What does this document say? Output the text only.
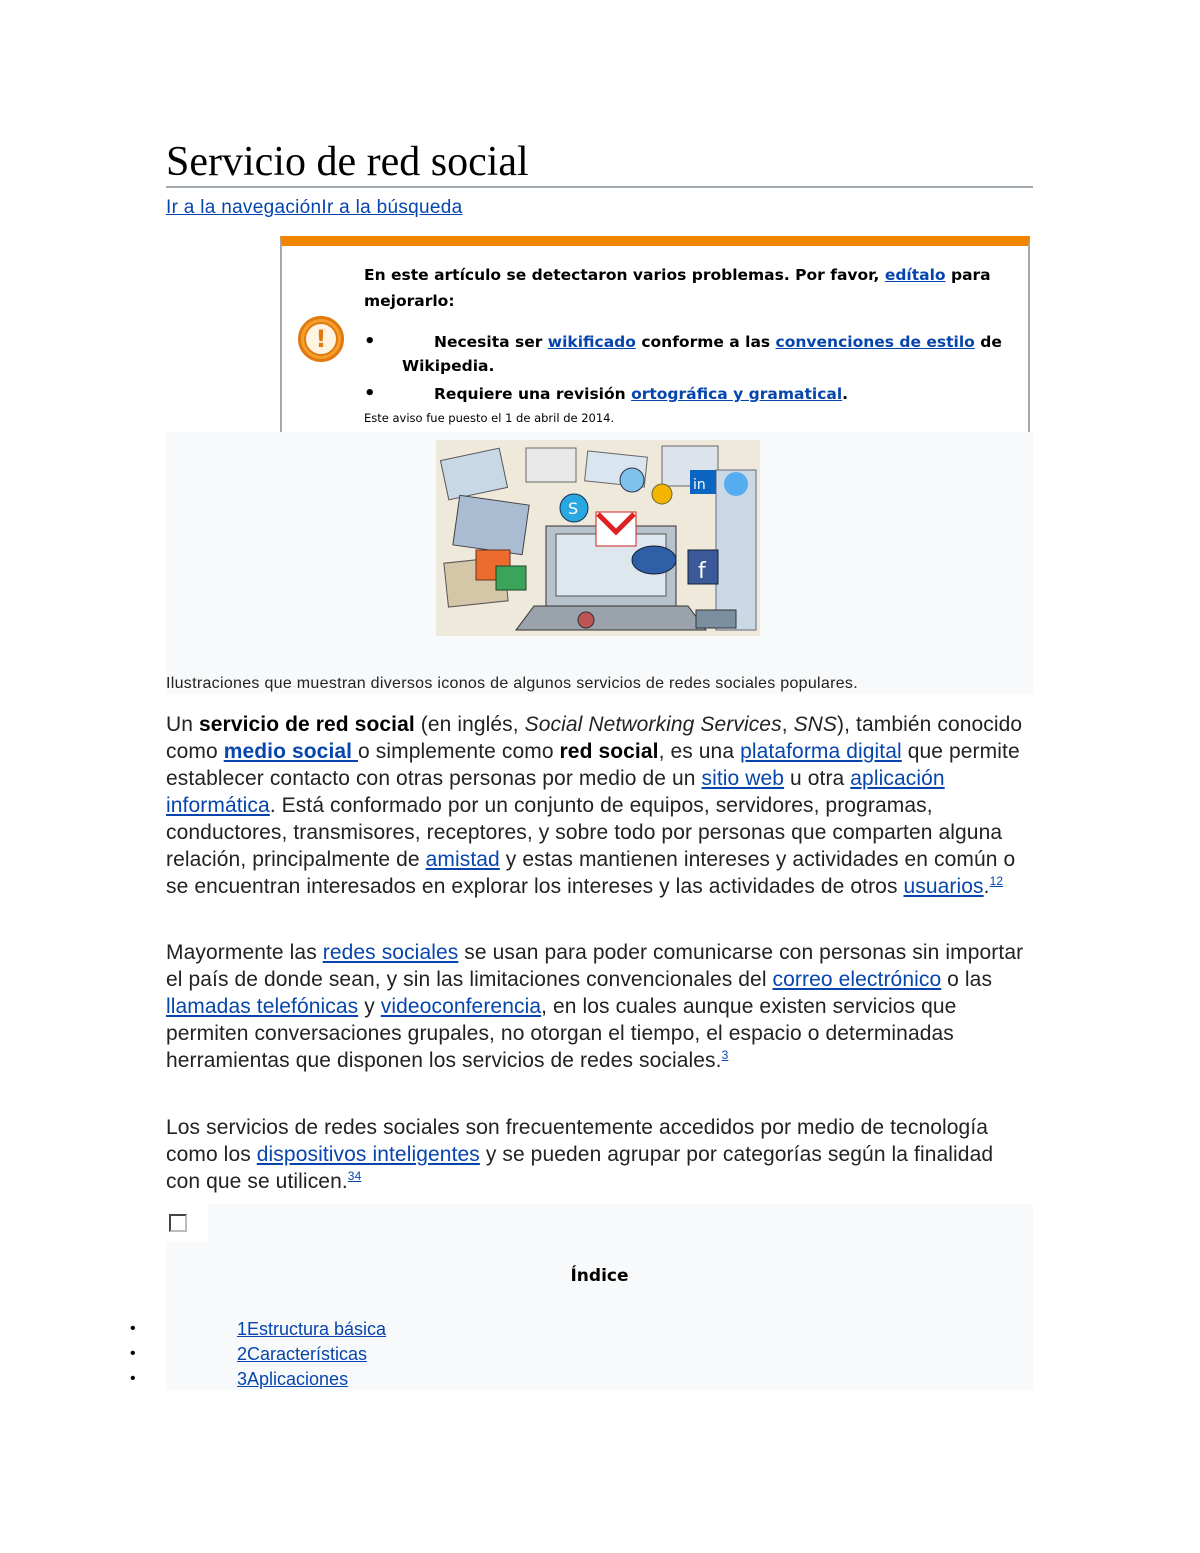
Servicio de red social
Ir a la navegaciónIr a la búsqueda
!
En este artículo se detectaron varios problemas. Por favor, edítalo para mejorarlo:
•	Necesita ser wikificado conforme a las convenciones de estilo de
Wikipedia.
•	Requiere una revisión ortográfica y gramatical.
Este aviso fue puesto el 1 de abril de 2014.
S
f
in
Ilustraciones que muestran diversos iconos de algunos servicios de redes sociales populares.
Un servicio de red social (en inglés, Social Networking Services, SNS), también conocido como medio social o simplemente como red social, es una plataforma digital que permite establecer contacto con otras personas por medio de un sitio web u otra aplicación informática. Está conformado por un conjunto de equipos, servidores, programas, conductores, transmisores, receptores, y sobre todo por personas que comparten alguna relación, principalmente de amistad y estas mantienen intereses y actividades en común o se encuentran interesados en explorar los intereses y las actividades de otros usuarios.$^{12}$
Mayormente las redes sociales se usan para poder comunicarse con personas sin importar el país de donde sean, y sin las limitaciones convencionales del correo electrónico o las llamadas telefónicas y videoconferencia, en los cuales aunque existen servicios que permiten conversaciones grupales, no otorgan el tiempo, el espacio o determinadas herramientas que disponen los servicios de redes sociales.$^3$
Los servicios de redes sociales son frecuentemente accedidos por medio de tecnología como los dispositivos inteligentes y se pueden agrupar por categorías según la finalidad con que se utilicen.$^{34}$
Índice
•	1Estructura básica
•	2Características
•	3Aplicaciones
